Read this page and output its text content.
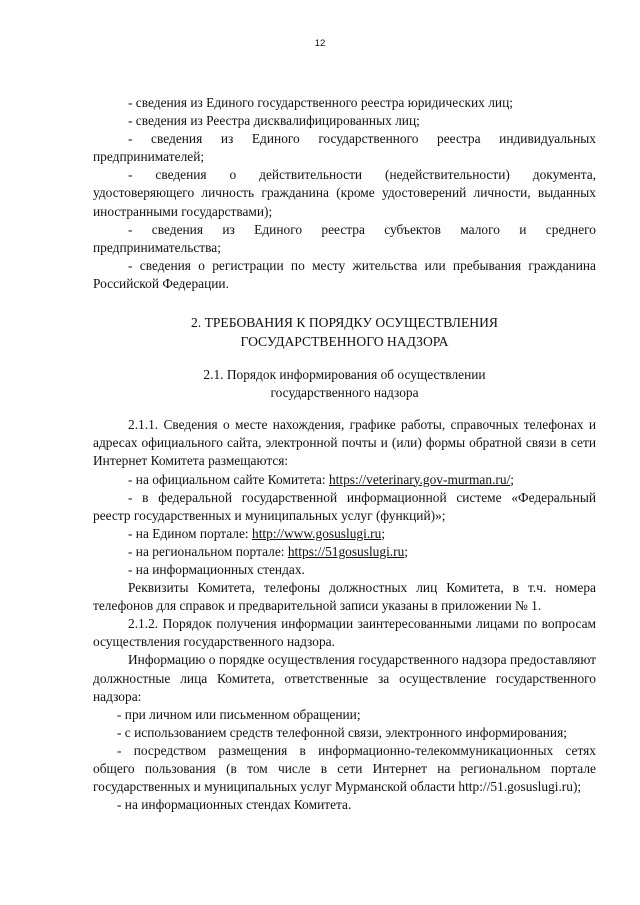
12

- сведения из Единого государственного реестра юридических лиц;

- сведения из Реестра дисквалифицированных лиц;

- сведения из Единого государственного реестра индивидуальных предпринимателей;

- сведения о действительности (недействительности) документа, удостоверяющего личность гражданина (кроме удостоверений личности, выданных иностранными государствами);

- сведения из Единого реестра субъектов малого и среднего предпринимательства;

- сведения о регистрации по месту жительства или пребывания гражданина Российской Федерации.

2. ТРЕБОВАНИЯ К ПОРЯДКУ ОСУЩЕСТВЛЕНИЯ
ГОСУДАРСТВЕННОГО НАДЗОРА
2.1. Порядок информирования об осуществлении
государственного надзора

2.1.1. Сведения о месте нахождения, графике работы, справочных телефонах и адресах официального сайта, электронной почты и (или) формы обратной связи в сети Интернет Комитета размещаются:

- на официальном сайте Комитета: https://veterinary.gov-murman.ru/;

- в федеральной государственной информационной системе «Федеральный реестр государственных и муниципальных услуг (функций)»;

- на Едином портале: http://www.gosuslugi.ru;

- на региональном портале: https://51gosuslugi.ru;

- на информационных стендах.

Реквизиты Комитета, телефоны должностных лиц Комитета, в т.ч. номера телефонов для справок и предварительной записи указаны в приложении № 1.

2.1.2. Порядок получения информации заинтересованными лицами по вопросам осуществления государственного надзора.

Информацию о порядке осуществления государственного надзора предоставляют должностные лица Комитета, ответственные за осуществление государственного надзора:

- при личном или письменном обращении;

- с использованием средств телефонной связи, электронного информирования;

- посредством размещения в информационно-телекоммуникационных сетях общего пользования (в том числе в сети Интернет на региональном портале государственных и муниципальных услуг Мурманской области http://51.gosuslugi.ru);

- на информационных стендах Комитета.
